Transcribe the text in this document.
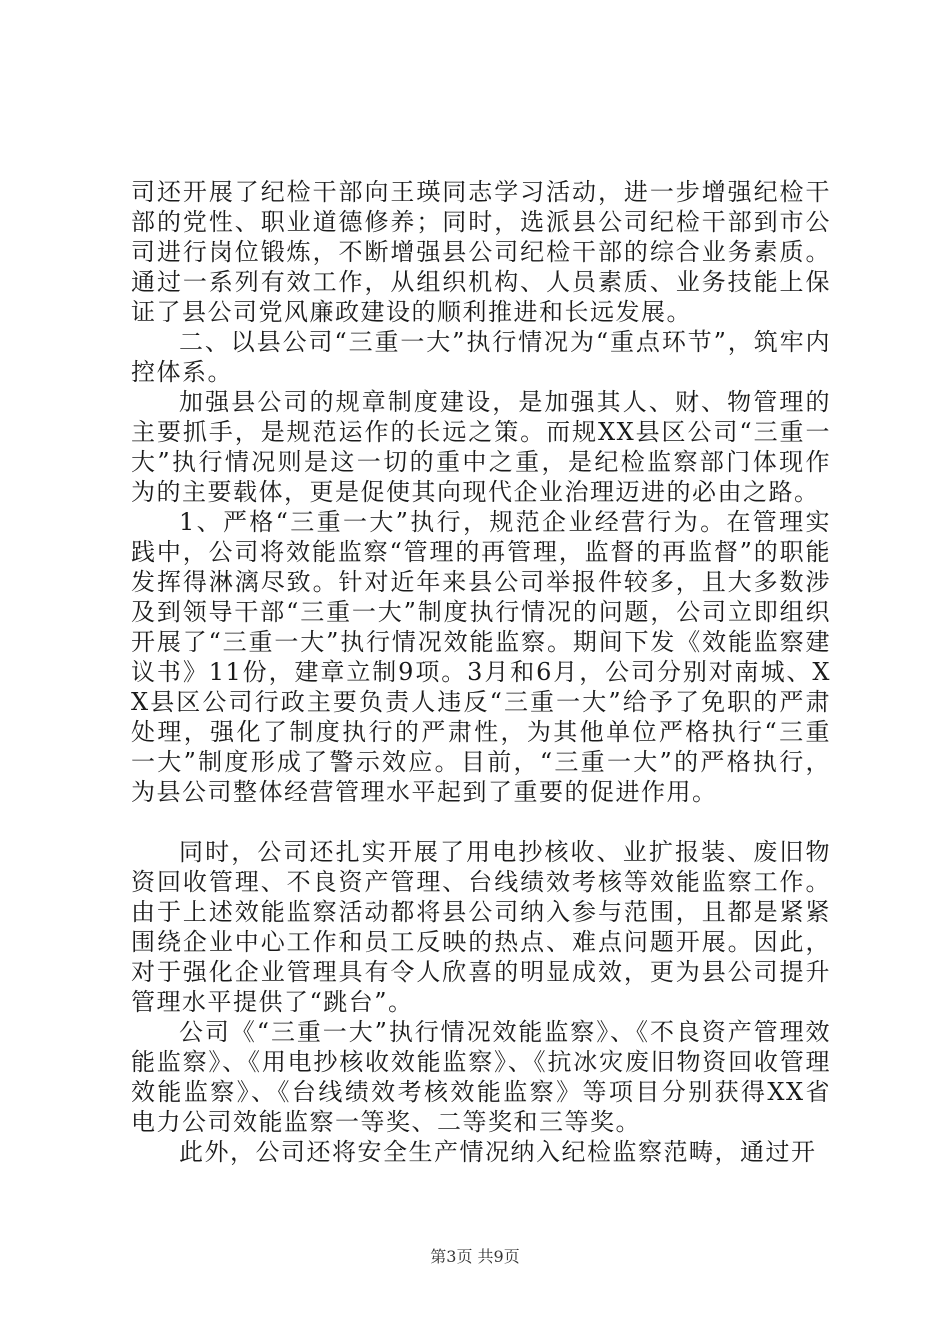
司还开展了纪检干部向王瑛同志学习活动，进一步增强纪检干部的党性、职业道德修养；同时，选派县公司纪检干部到市公司进行岗位锻炼，不断增强县公司纪检干部的综合业务素质。通过一系列有效工作，从组织机构、人员素质、业务技能上保证了县公司党风廉政建设的顺利推进和长远发展。

二、以县公司“三重一大”执行情况为“重点环节”，筑牢内控体系。

加强县公司的规章制度建设，是加强其人、财、物管理的主要抓手，是规范运作的长远之策。而规XX县区公司“三重一大”执行情况则是这一切的重中之重，是纪检监察部门体现作为的主要载体，更是促使其向现代企业治理迈进的必由之路。

1、严格“三重一大”执行，规范企业经营行为。在管理实践中，公司将效能监察“管理的再管理，监督的再监督”的职能发挥得淋漓尽致。针对近年来县公司举报件较多，且大多数涉及到领导干部“三重一大”制度执行情况的问题，公司立即组织开展了“三重一大”执行情况效能监察。期间下发《效能监察建议书》11份，建章立制9项。3月和6月，公司分别对南城、XX县区公司行政主要负责人违反“三重一大”给予了免职的严肃处理，强化了制度执行的严肃性，为其他单位严格执行“三重一大”制度形成了警示效应。目前，“三重一大”的严格执行，为县公司整体经营管理水平起到了重要的促进作用。

同时，公司还扎实开展了用电抄核收、业扩报装、废旧物资回收管理、不良资产管理、台线绩效考核等效能监察工作。由于上述效能监察活动都将县公司纳入参与范围，且都是紧紧围绕企业中心工作和员工反映的热点、难点问题开展。因此，对于强化企业管理具有令人欣喜的明显成效，更为县公司提升管理水平提供了“跳台”。

公司《“三重一大”执行情况效能监察》、《不良资产管理效能监察》、《用电抄核收效能监察》、《抗冰灾废旧物资回收管理效能监察》、《台线绩效考核效能监察》等项目分别获得XX省电力公司效能监察一等奖、二等奖和三等奖。

此外，公司还将安全生产情况纳入纪检监察范畴，通过开

第3页 共9页
